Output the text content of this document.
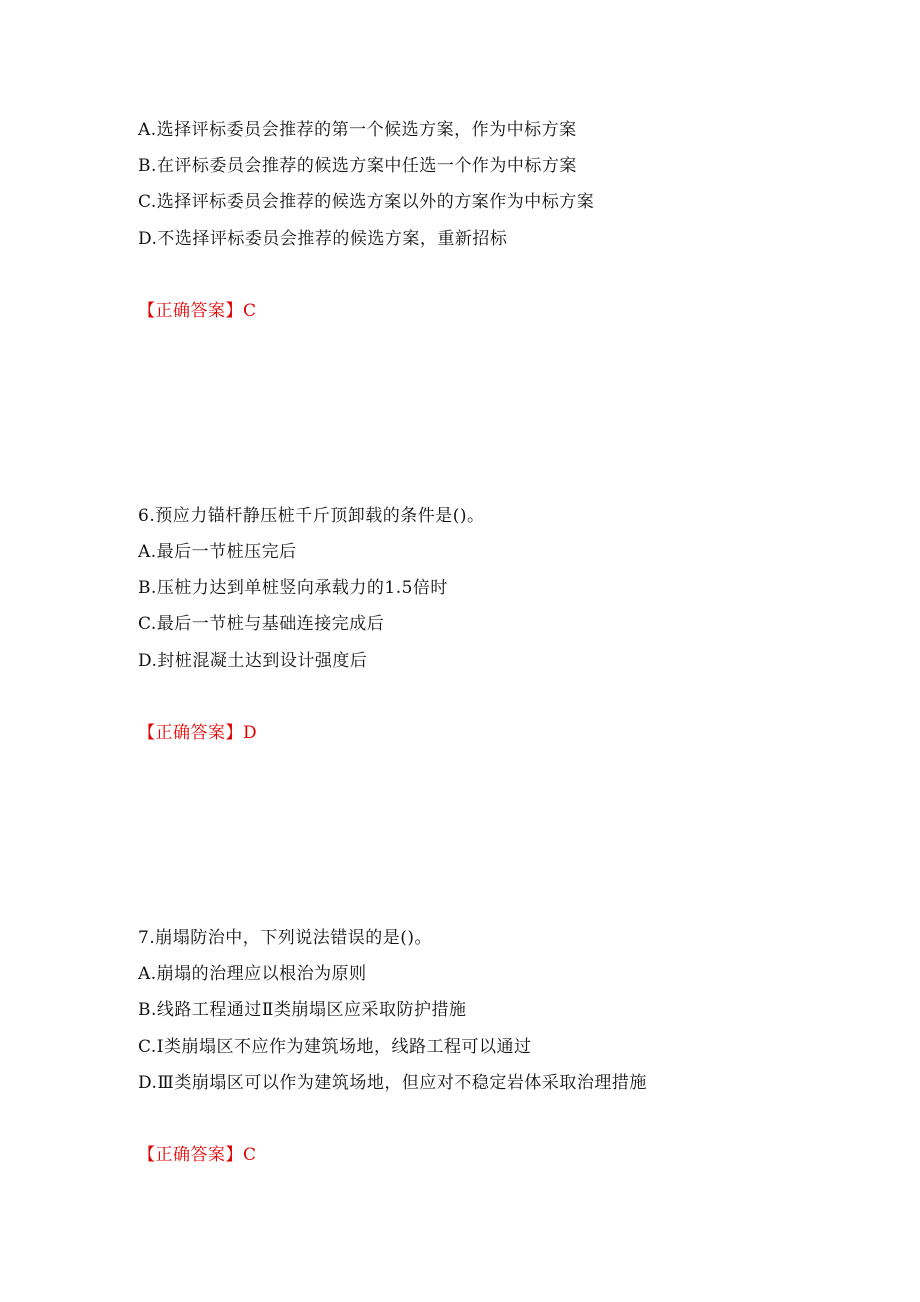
A.选择评标委员会推荐的第一个候选方案，作为中标方案
B.在评标委员会推荐的候选方案中任选一个作为中标方案
C.选择评标委员会推荐的候选方案以外的方案作为中标方案
D.不选择评标委员会推荐的候选方案，重新招标
【正确答案】C
6.预应力锚杆静压桩千斤顶卸载的条件是()。
A.最后一节桩压完后
B.压桩力达到单桩竖向承载力的1.5倍时
C.最后一节桩与基础连接完成后
D.封桩混凝土达到设计强度后
【正确答案】D
7.崩塌防治中，下列说法错误的是()。
A.崩塌的治理应以根治为原则
B.线路工程通过Ⅱ类崩塌区应采取防护措施
C.Ⅰ类崩塌区不应作为建筑场地，线路工程可以通过
D.Ⅲ类崩塌区可以作为建筑场地，但应对不稳定岩体采取治理措施
【正确答案】C
